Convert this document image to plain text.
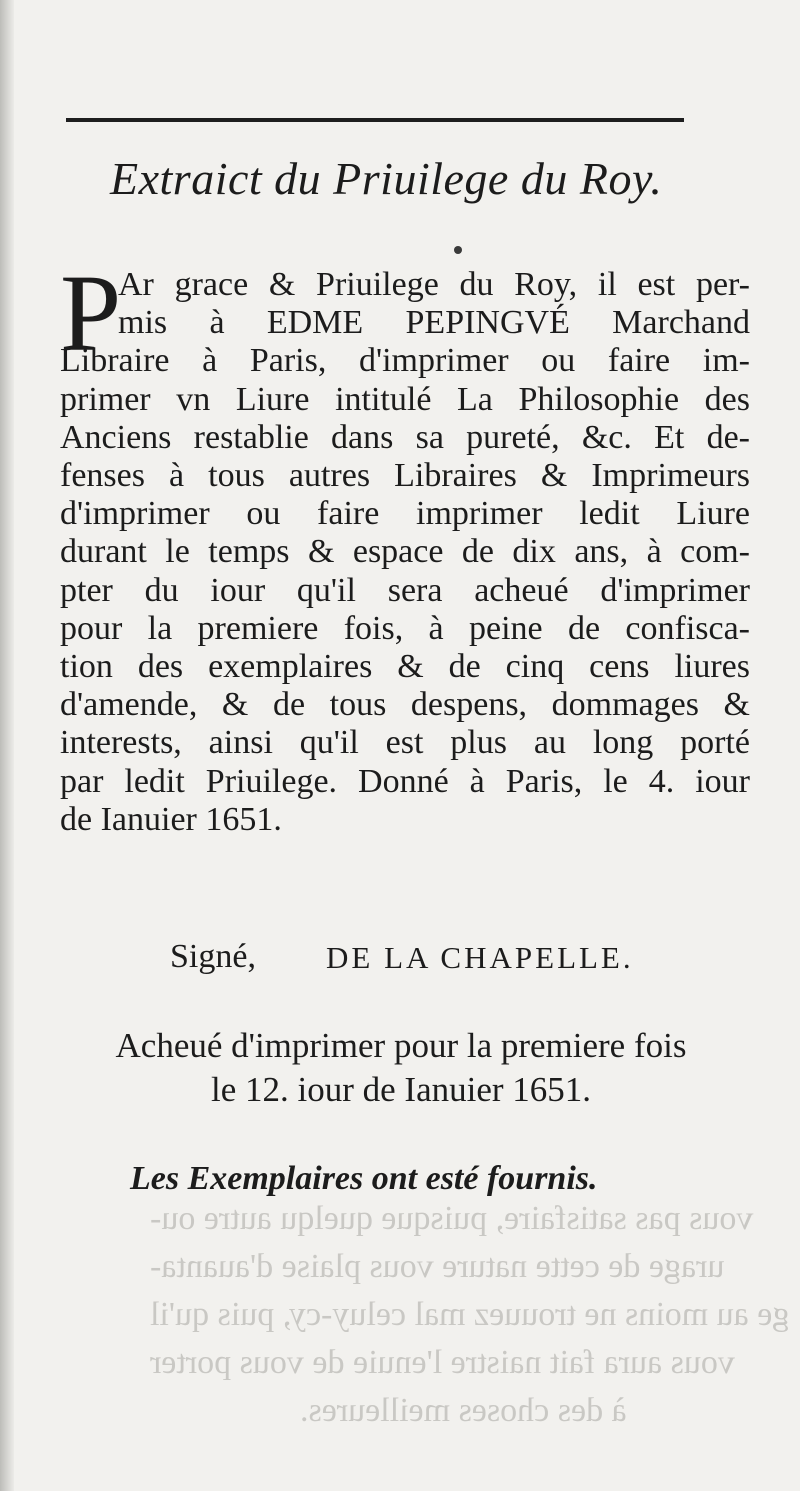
vous pas satisfaire, puisque quelqu autre ou-
urage de cette nature vous plaise d'auanta-
ge au moins ne trouuez mal celuy-cy, puis qu'il
vous aura fait naistre l'enuie de vous porter
à des choses meilleures.
Extraict du Priuilege du Roy.
P
Ar grace & Priuilege du Roy, il est per-
mis à EDME PEPINGVÉ Marchand
Libraire à Paris, d'imprimer ou faire im-
primer vn Liure intitulé La Philosophie des
Anciens restablie dans sa pureté, &c. Et de-
fenses à tous autres Libraires & Imprimeurs
d'imprimer ou faire imprimer ledit Liure
durant le temps & espace de dix ans, à com-
pter du iour qu'il sera acheué d'imprimer
pour la premiere fois, à peine de confisca-
tion des exemplaires & de cinq cens liures
d'amende, & de tous despens, dommages &
interests, ainsi qu'il est plus au long porté
par ledit Priuilege. Donné à Paris, le 4. iour
de Ianuier 1651.
Signé, DE LA CHAPELLE.
Acheué d'imprimer pour la premiere fois
le 12. iour de Ianuier 1651.
Les Exemplaires ont esté fournis.
